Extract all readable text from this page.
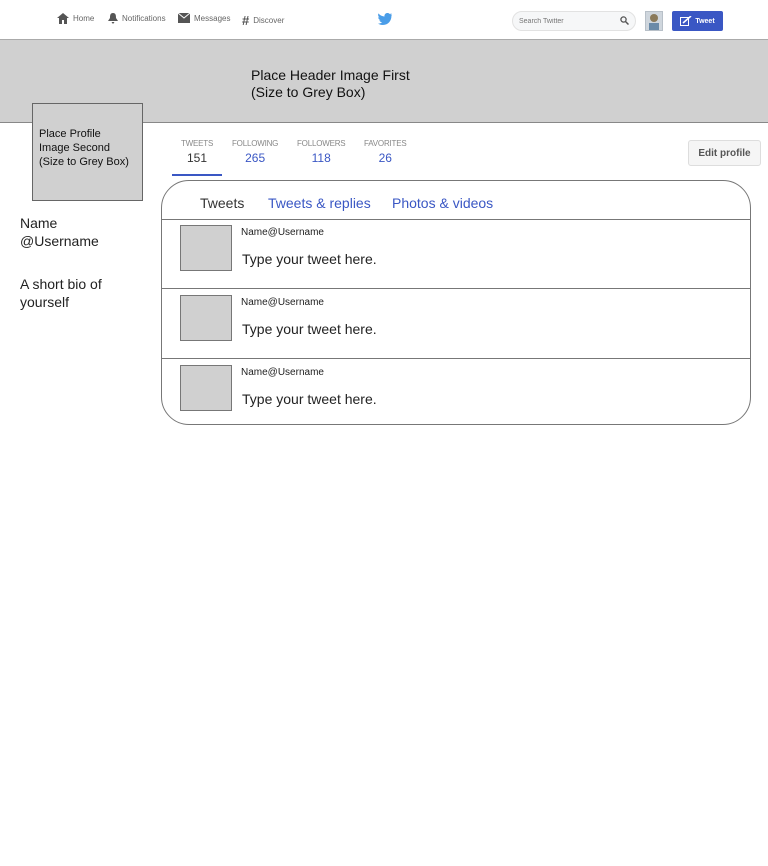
Home	Notifications	Messages # Discover
Search Twitter	Tweet
Place Header Image First
(Size to Grey Box)
Place Profile
Image Second
(Size to Grey Box)
TWEETS
151
FOLLOWING
265
FOLLOWERS
118
FAVORITES
26	Edit profile
Name
@Username
A short bio of
yourself
Tweets Tweets & replies Photos & videos
Name@Username
Type your tweet here.
Name@Username
Type your tweet here.
Name@Username
Type your tweet here.
